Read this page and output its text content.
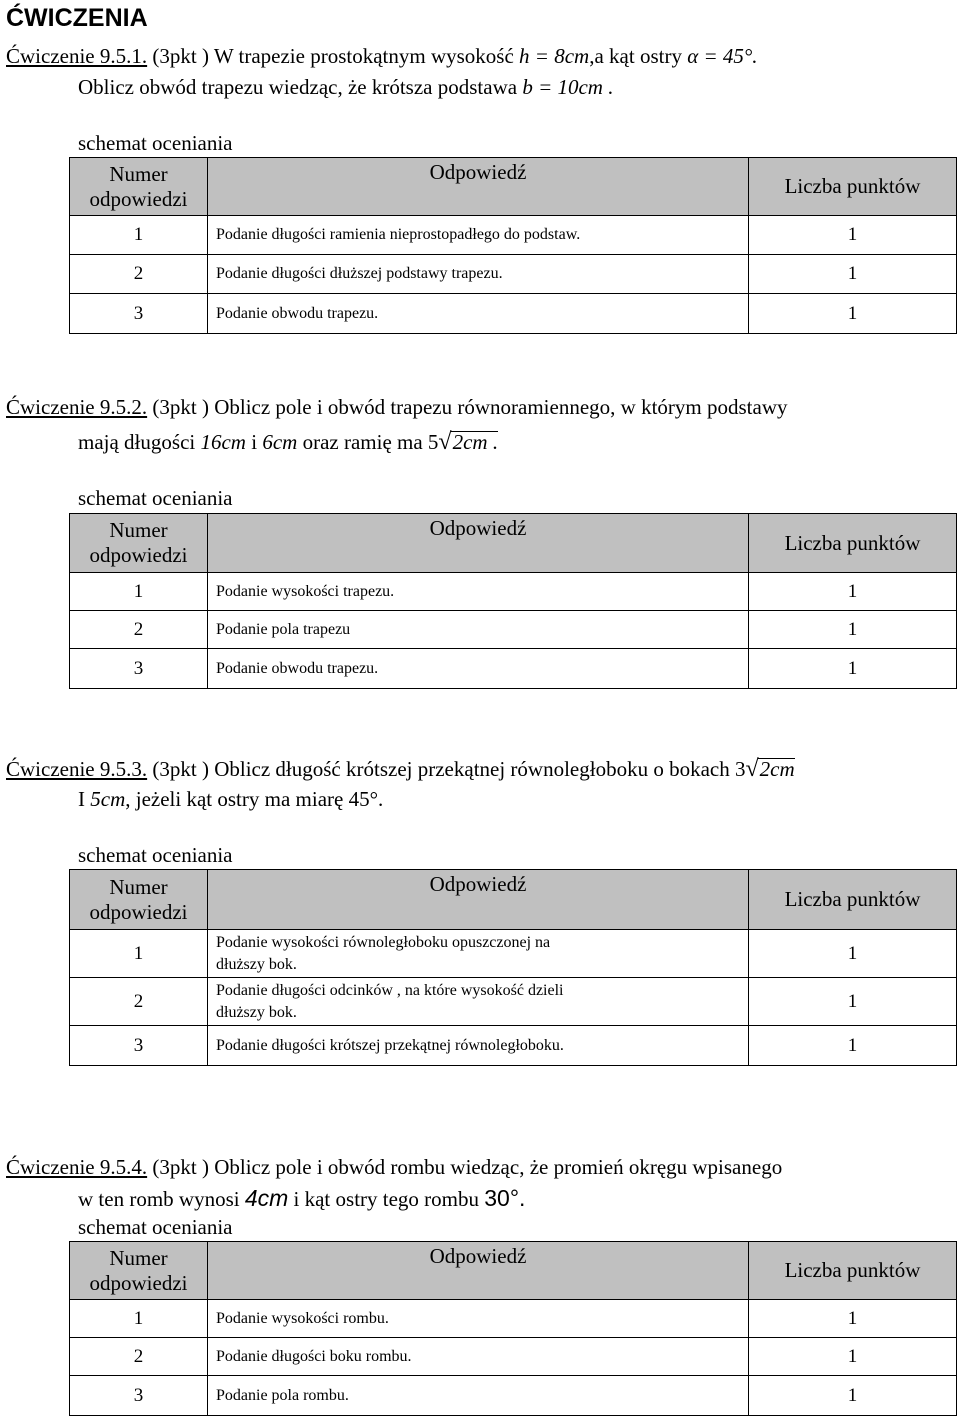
ĆWICZENIA
Ćwiczenie 9.5.1. (3pkt ) W trapezie prostokątnym wysokość h = 8cm,a kąt ostry α = 45°.
Oblicz obwód trapezu wiedząc, że krótsza podstawa b = 10cm .
schemat oceniania
Numer
odpowiedzi	Odpowiedź	Liczba punktów
1	Podanie długości ramienia nieprostopadłego do podstaw.	1
2	Podanie długości dłuższej podstawy trapezu.	1
3	Podanie obwodu trapezu.	1
Ćwiczenie 9.5.2. (3pkt ) Oblicz pole i obwód trapezu równoramiennego, w którym podstawy
mają długości 16cm i 6cm oraz ramię ma 5√2cm .
schemat oceniania
Numer
odpowiedzi	Odpowiedź	Liczba punktów
1	Podanie wysokości trapezu.	1
2	Podanie pola trapezu	1
3	Podanie obwodu trapezu.	1
Ćwiczenie 9.5.3. (3pkt ) Oblicz długość krótszej przekątnej równoległoboku o bokach 3√2cm
I 5cm, jeżeli kąt ostry ma miarę 45°.
schemat oceniania
Numer
odpowiedzi	Odpowiedź	Liczba punktów
1	Podanie wysokości równoległoboku opuszczonej na
dłuższy bok.	1
2	Podanie długości odcinków , na które wysokość dzieli
dłuższy bok.	1
3	Podanie długości krótszej przekątnej równoległoboku.	1
Ćwiczenie 9.5.4. (3pkt ) Oblicz pole i obwód rombu wiedząc, że promień okręgu wpisanego
w ten romb wynosi 4cm i kąt ostry tego rombu 30°.
schemat oceniania
Numer
odpowiedzi	Odpowiedź	Liczba punktów
1	Podanie wysokości rombu.	1
2	Podanie długości boku rombu.	1
3	Podanie pola rombu.	1
